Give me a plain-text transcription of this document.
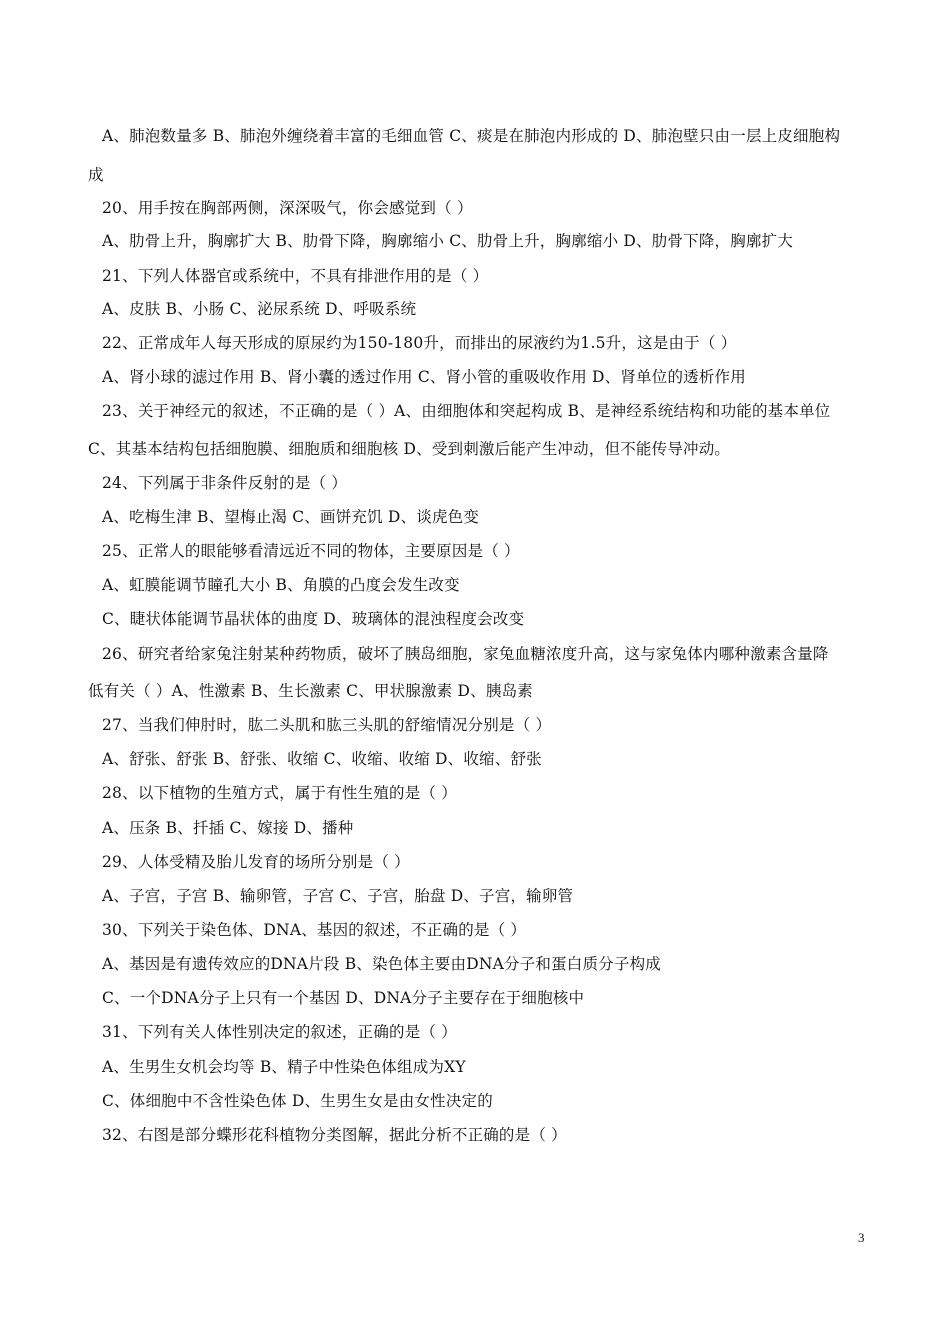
A、肺泡数量多 B、肺泡外缠绕着丰富的毛细血管 C、痰是在肺泡内形成的 D、肺泡壁只由一层上皮细胞构
成
20、用手按在胸部两侧，深深吸气，你会感觉到（ ）
A、肋骨上升，胸廓扩大 B、肋骨下降，胸廓缩小 C、肋骨上升，胸廓缩小 D、肋骨下降，胸廓扩大
21、下列人体器官或系统中，不具有排泄作用的是（ ）
A、皮肤 B、小肠 C、泌尿系统 D、呼吸系统
22、正常成年人每天形成的原尿约为150-180升，而排出的尿液约为1.5升，这是由于（ ）
A、肾小球的滤过作用 B、肾小囊的透过作用 C、肾小管的重吸收作用 D、肾单位的透析作用
23、关于神经元的叙述，不正确的是（ ）A、由细胞体和突起构成 B、是神经系统结构和功能的基本单位
C、其基本结构包括细胞膜、细胞质和细胞核 D、受到刺激后能产生冲动，但不能传导冲动。
24、下列属于非条件反射的是（ ）
A、吃梅生津 B、望梅止渴 C、画饼充饥 D、谈虎色变
25、正常人的眼能够看清远近不同的物体，主要原因是（ ）
A、虹膜能调节瞳孔大小 B、角膜的凸度会发生改变
C、睫状体能调节晶状体的曲度 D、玻璃体的混浊程度会改变
26、研究者给家兔注射某种药物质，破坏了胰岛细胞，家兔血糖浓度升高，这与家兔体内哪种激素含量降
低有关（ ）A、性激素 B、生长激素 C、甲状腺激素 D、胰岛素
27、当我们伸肘时，肱二头肌和肱三头肌的舒缩情况分别是（ ）
A、舒张、舒张 B、舒张、收缩 C、收缩、收缩 D、收缩、舒张
28、以下植物的生殖方式，属于有性生殖的是（ ）
A、压条 B、扦插 C、嫁接 D、播种
29、人体受精及胎儿发育的场所分别是（ ）
A、子宫，子宫 B、输卵管，子宫 C、子宫，胎盘 D、子宫，输卵管
30、下列关于染色体、DNA、基因的叙述，不正确的是（ ）
A、基因是有遗传效应的DNA片段 B、染色体主要由DNA分子和蛋白质分子构成
C、一个DNA分子上只有一个基因 D、DNA分子主要存在于细胞核中
31、下列有关人体性别决定的叙述，正确的是（ ）
A、生男生女机会均等 B、精子中性染色体组成为XY
C、体细胞中不含性染色体 D、生男生女是由女性决定的
32、右图是部分蝶形花科植物分类图解，据此分析不正确的是（ ）
3
